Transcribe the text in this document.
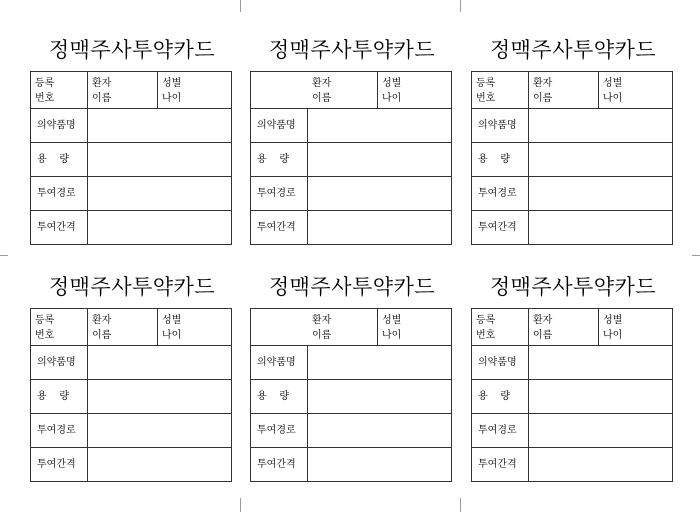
정맥주사투약카드
등록
번호
환자
이름
성별
나이
의약품명
용    량
투여경로
투여간격
정맥주사투약카드
환자
이름
성별
나이
의약품명
용    량
투여경로
투여간격
정맥주사투약카드
등록
번호
환자
이름
성별
나이
의약품명
용    량
투여경로
투여간격
정맥주사투약카드
등록
번호
환자
이름
성별
나이
의약품명
용    량
투여경로
투여간격
정맥주사투약카드
환자
이름
성별
나이
의약품명
용    량
투여경로
투여간격
정맥주사투약카드
등록
번호
환자
이름
성별
나이
의약품명
용    량
투여경로
투여간격
